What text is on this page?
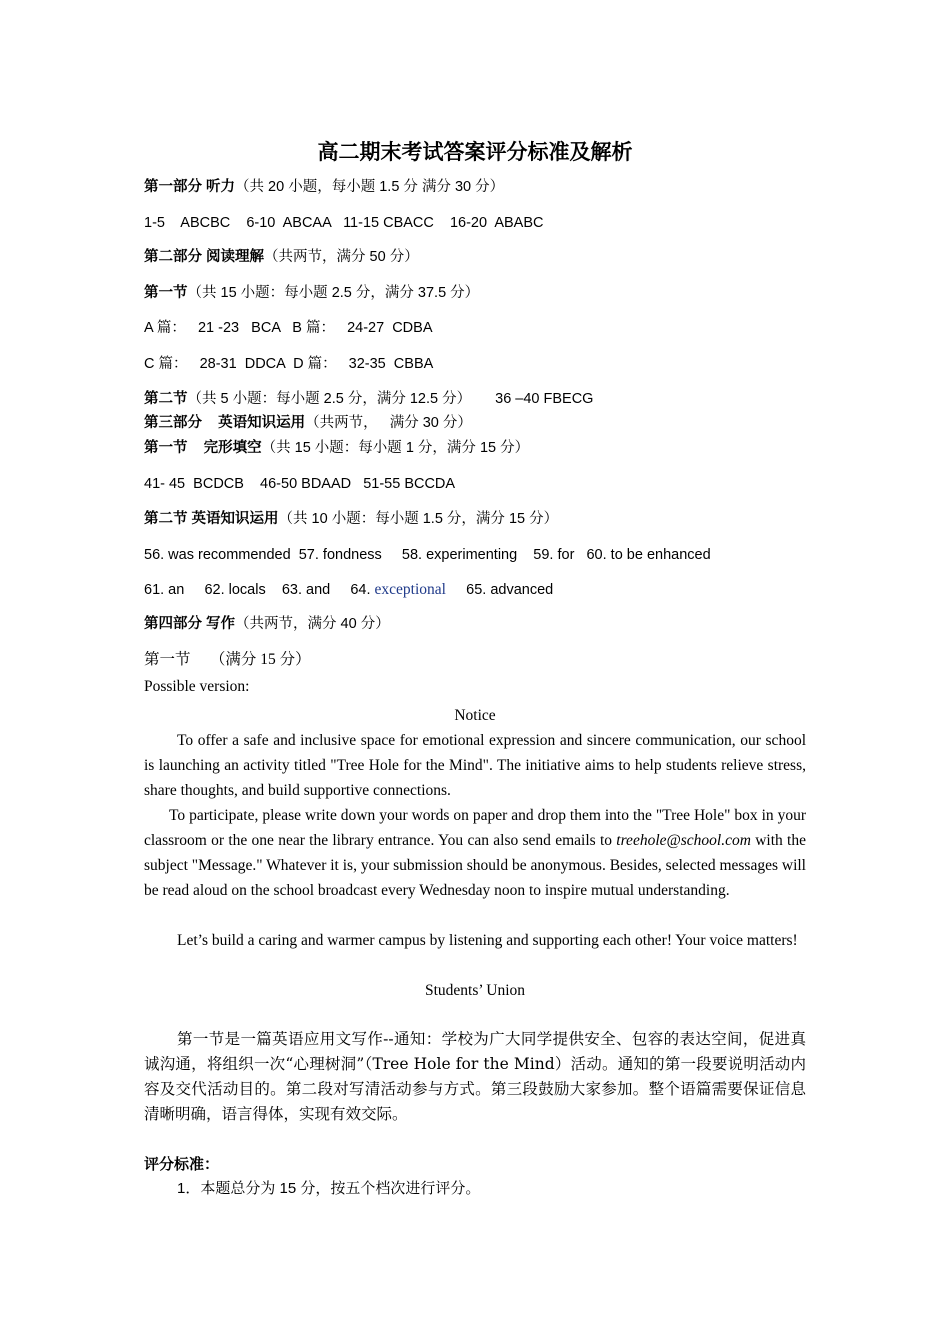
高二期末考试答案评分标准及解析
第一部分 听力（共 20 小题，每小题 1.5 分 满分 30 分）
1-5    ABCBC    6-10  ABCAA   11-15 CBACC    16-20  ABABC
第二部分 阅读理解（共两节，满分 50 分）
第一节（共 15 小题：每小题 2.5 分，满分 37.5 分）
A 篇：   21 -23   BCA   B 篇：   24-27  CDBA
C 篇：   28-31  DDCA  D 篇：   32-35  CBBA
第二节（共 5 小题：每小题 2.5 分，满分 12.5 分） 36 –40 FBECG
第三部分    英语知识运用（共两节，   满分 30 分）
第一节    完形填空（共 15 小题：每小题 1 分，满分 15 分）
41- 45  BCDCB    46-50 BDAAD   51-55 BCCDA
第二节 英语知识运用（共 10 小题：每小题 1.5 分，满分 15 分）
56. was recommended  57. fondness     58. experimenting    59. for   60. to be enhanced
61. an     62. locals    63. and     64. exceptional     65. advanced
第四部分 写作（共两节，满分 40 分）
第一节     （满分 15 分）
Possible version:
Notice
To offer a safe and inclusive space for emotional expression and sincere communication, our school is launching an activity titled "Tree Hole for the Mind". The initiative aims to help students relieve stress, share thoughts, and build supportive connections.
To participate, please write down your words on paper and drop them into the "Tree Hole" box in your classroom or the one near the library entrance. You can also send emails to treehole@school.com with the subject "Message." Whatever it is, your submission should be anonymous. Besides, selected messages will be read aloud on the school broadcast every Wednesday noon to inspire mutual understanding.
Let’s build a caring and warmer campus by listening and supporting each other! Your voice matters!
Students’ Union
第一节是一篇英语应用文写作--通知：学校为广大同学提供安全、包容的表达空间，促进真诚沟通，将组织一次“心理树洞”（Tree Hole for the Mind）活动。通知的第一段要说明活动内容及交代活动目的。第二段对写清活动参与方式。第三段鼓励大家参加。整个语篇需要保证信息清晰明确，语言得体，实现有效交际。
评分标准：
1．本题总分为 15 分，按五个档次进行评分。
